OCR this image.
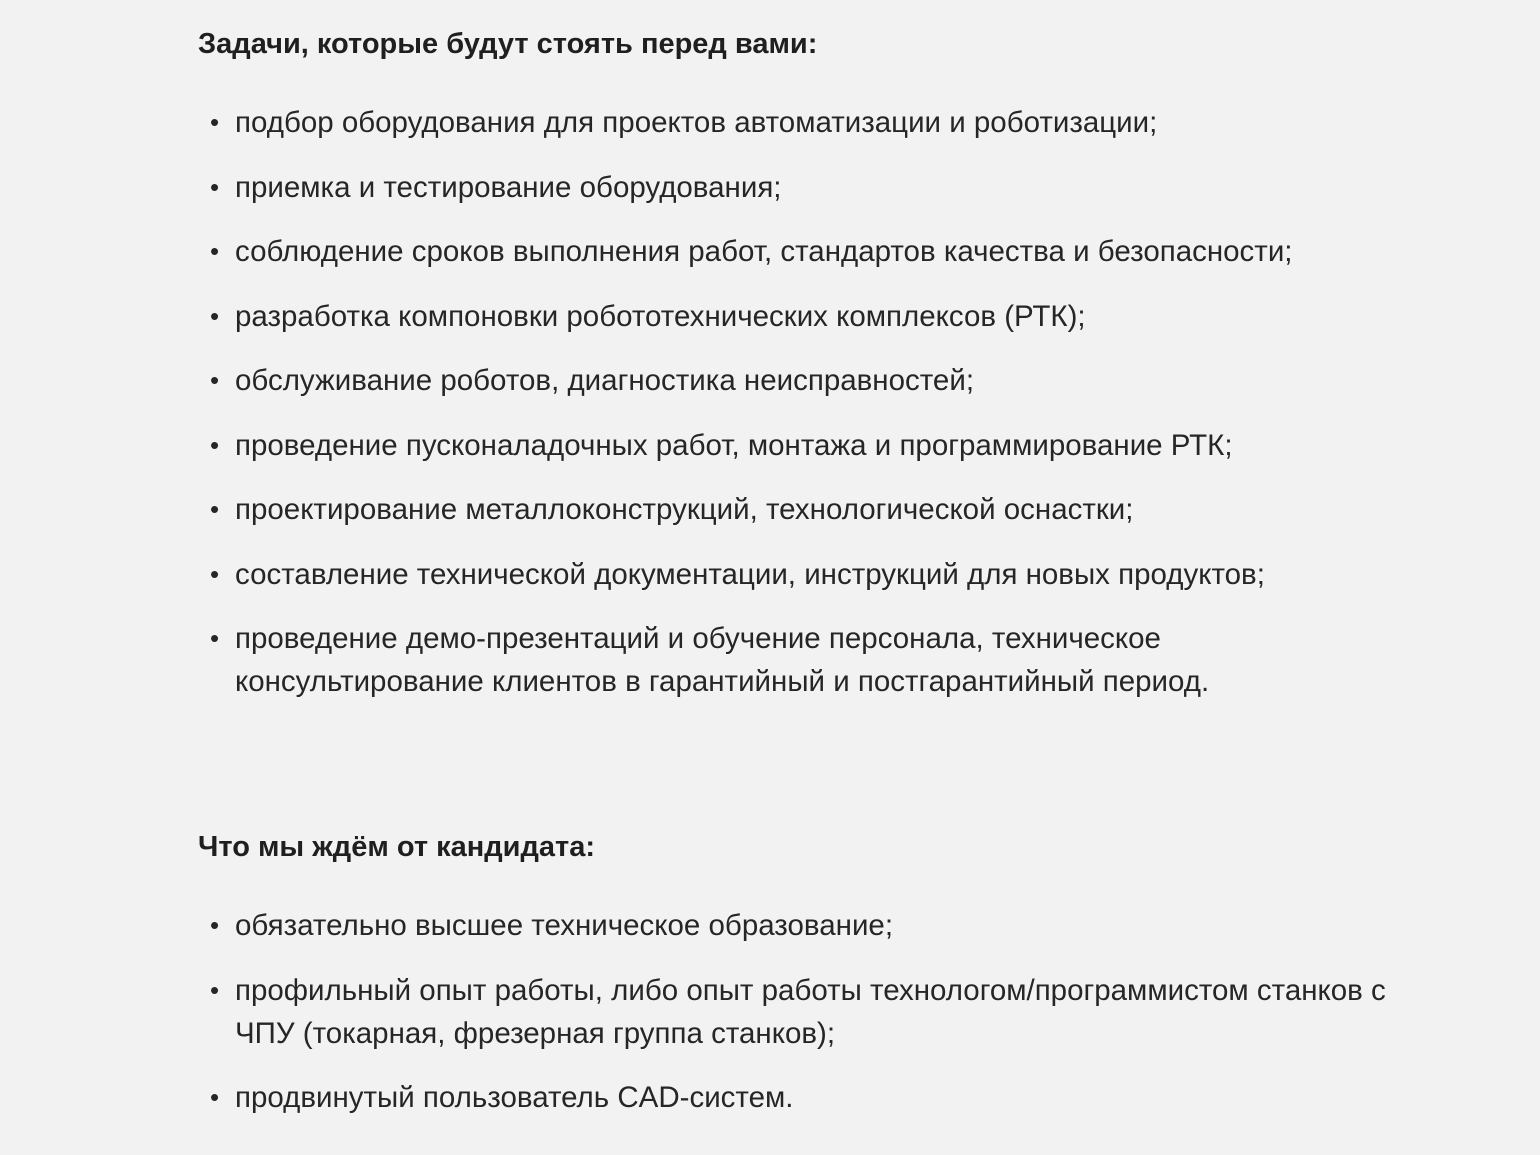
Задачи, которые будут стоять перед вами:
• подбор оборудования для проектов автоматизации и роботизации;
• приемка и тестирование оборудования;
• соблюдение сроков выполнения работ, стандартов качества и безопасности;
• разработка компоновки робототехнических комплексов (РТК);
• обслуживание роботов, диагностика неисправностей;
• проведение пусконаладочных работ, монтажа и программирование РТК;
• проектирование металлоконструкций, технологической оснастки;
• составление технической документации, инструкций для новых продуктов;
• проведение демо-презентаций и обучение персонала, техническое консультирование клиентов в гарантийный и постгарантийный период.
Что мы ждём от кандидата:
• обязательно высшее техническое образование;
• профильный опыт работы, либо опыт работы технологом/программистом станков с ЧПУ (токарная, фрезерная группа станков);
• продвинутый пользователь CAD-систем.
